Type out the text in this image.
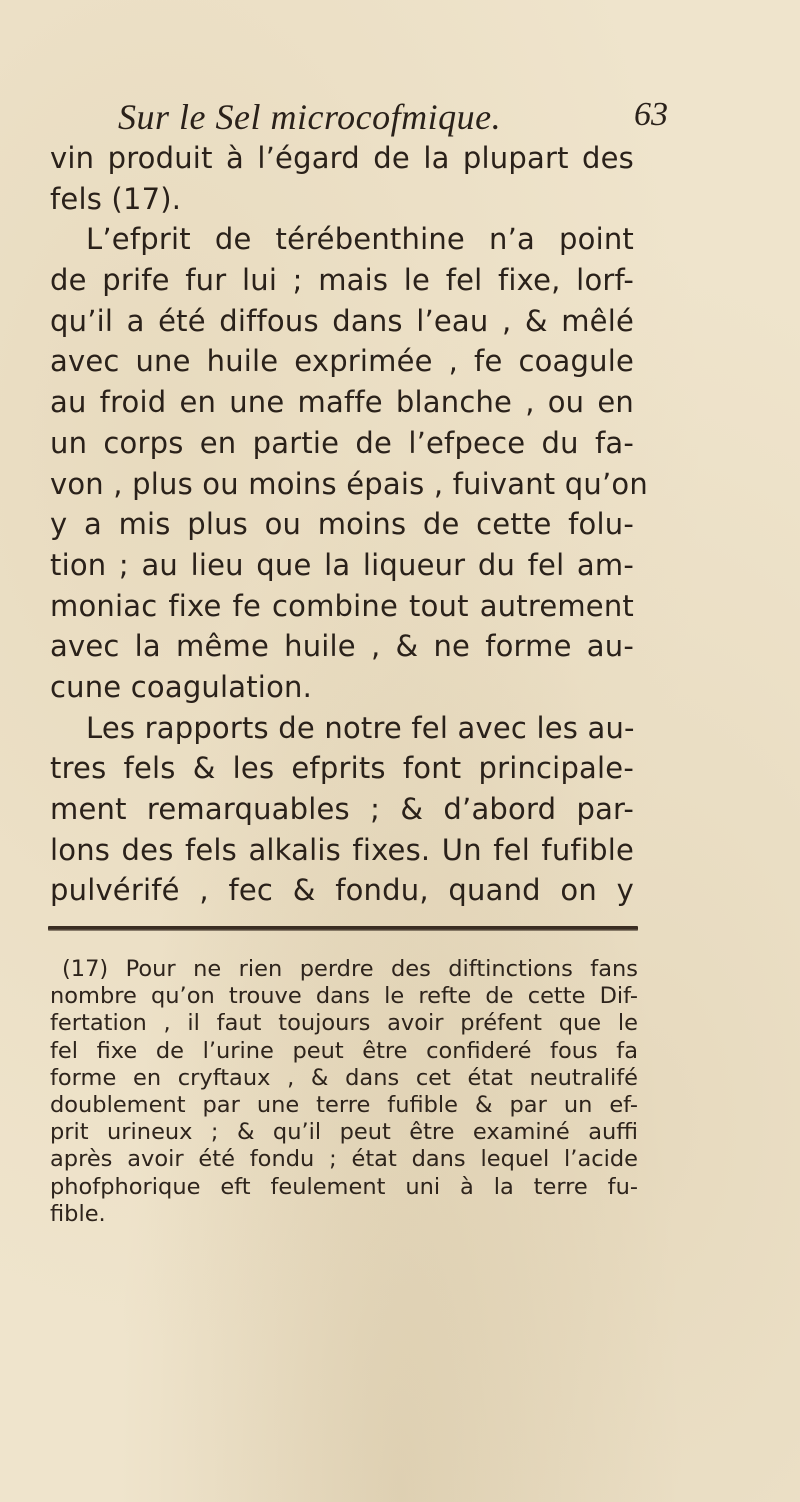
Sur le Sel microcofmique.	63
vin produit à l’égard de la plupart des
fels (17).
L’efprit de térébenthine n’a point
de prife fur lui ; mais le fel fixe, lorf-
qu’il a été diffous dans l’eau , & mêlé
avec une huile exprimée , fe coagule
au froid en une maffe blanche , ou en
un corps en partie de l’efpece du fa-
von , plus ou moins épais , fuivant qu’on
y a mis plus ou moins de cette folu-
tion ; au lieu que la liqueur du fel am-
moniac fixe fe combine tout autrement
avec la même huile , & ne forme au-
cune coagulation.
Les rapports de notre fel avec les au-
tres fels & les efprits font principale-
ment remarquables ; & d’abord par-
lons des fels alkalis fixes. Un fel fufible
pulvérifé , fec & fondu, quand on y
(17) Pour ne rien perdre des diftinctions fans
nombre qu’on trouve dans le refte de cette Dif-
fertation , il faut toujours avoir préfent que le
fel fixe de l’urine peut être confideré fous fa
forme en cryftaux , & dans cet état neutralifé
doublement par une terre fufible & par un ef-
prit urineux ; & qu’il peut être examiné auffi
après avoir été fondu ; état dans lequel l’acide
phofphorique eft feulement uni à la terre fu-
fible.
